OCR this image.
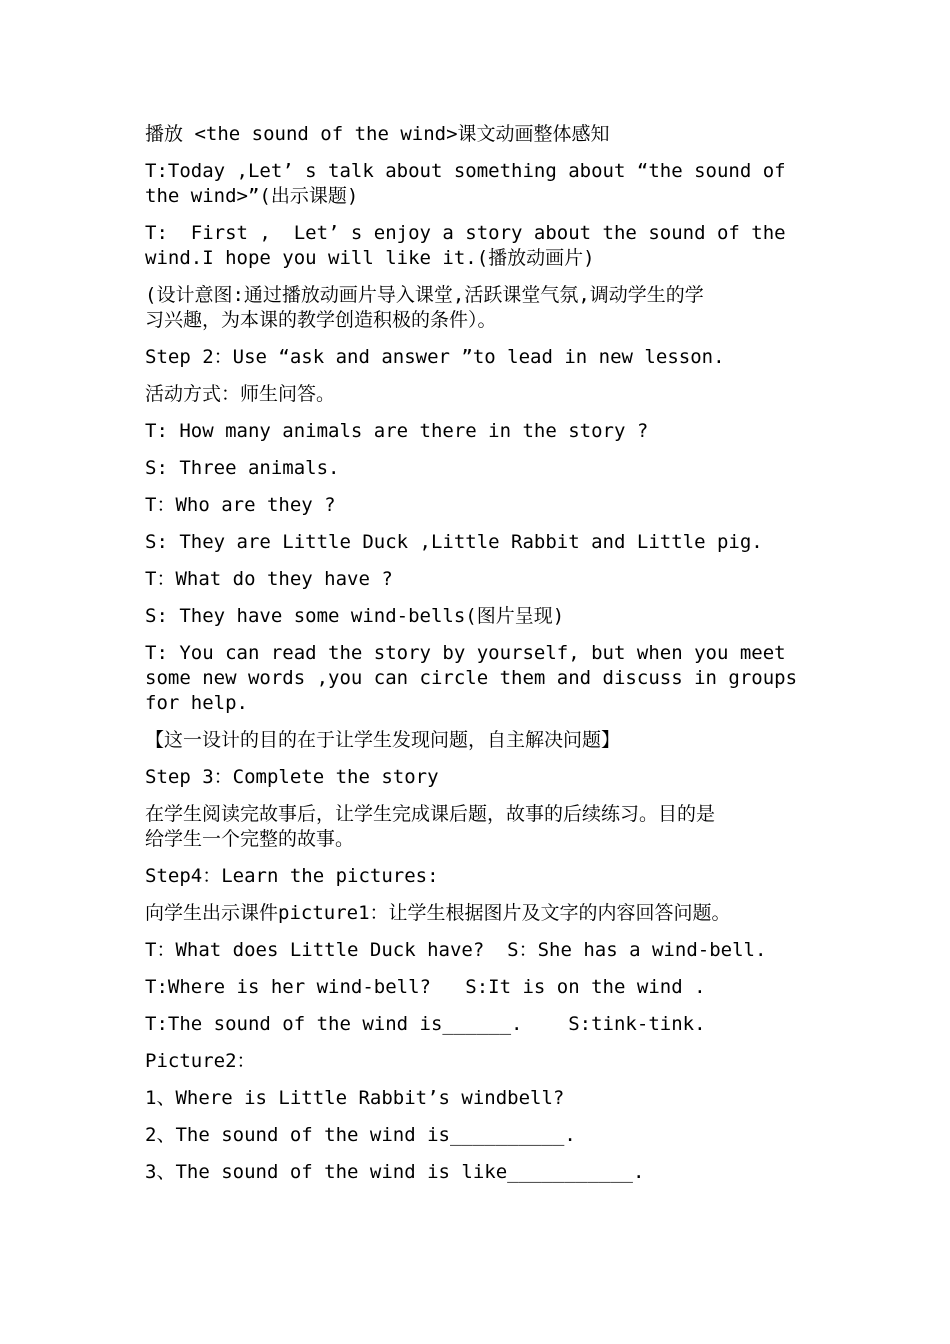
播放 <the sound of the wind>课文动画整体感知

T:Today ,Let’ s talk about something about “the sound of
the wind>”(出示课题)

T:  First ,  Let’ s enjoy a story about the sound of the
wind.I hope you will like it.(播放动画片)

(设计意图:通过播放动画片导入课堂,活跃课堂气氛,调动学生的学
习兴趣，为本课的教学创造积极的条件）。

Step 2：Use “ask and answer ”to lead in new lesson.

活动方式：师生问答。

T: How many animals are there in the story ?

S: Three animals.

T：Who are they ?

S: They are Little Duck ,Little Rabbit and Little pig.

T：What do they have ?

S: They have some wind-bells(图片呈现)

T: You can read the story by yourself, but when you meet
some new words ,you can circle them and discuss in groups
for help.

【这一设计的目的在于让学生发现问题，自主解决问题】

Step 3：Complete the story

在学生阅读完故事后，让学生完成课后题，故事的后续练习。目的是
给学生一个完整的故事。

Step4：Learn the pictures:

向学生出示课件picture1：让学生根据图片及文字的内容回答问题。

T：What does Little Duck have?  S：She has a wind-bell.

T:Where is her wind-bell?   S:It is on the wind .

T:The sound of the wind is______.    S:tink-tink.

Picture2：

1、Where is Little Rabbit’s windbell?

2、The sound of the wind is__________.

3、The sound of the wind is like___________.
